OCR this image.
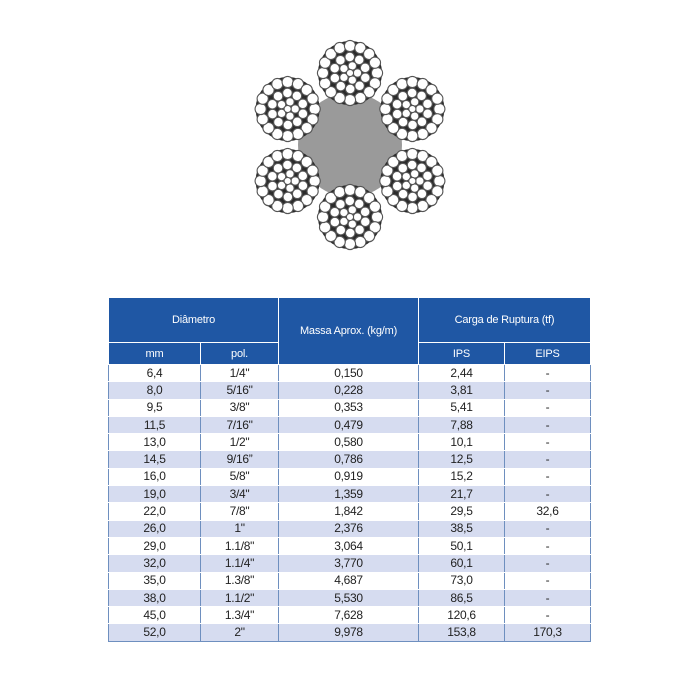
Diâmetro		Massa Aprox. (kg/m)	Carga de Ruptura (tf)	
mm	pol.		IPS	EIPS
6,4	1/4"	0,150	2,44	-
8,0	5/16"	0,228	3,81	-
9,5	3/8"	0,353	5,41	-
11,5	7/16"	0,479	7,88	-
13,0	1/2"	0,580	10,1	-
14,5	9/16”	0,786	12,5	-
16,0	5/8"	0,919	15,2	-
19,0	3/4"	1,359	21,7	-
22,0	7/8"	1,842	29,5	32,6
26,0	1"	2,376	38,5	-
29,0	1.1/8"	3,064	50,1	-
32,0	1.1/4"	3,770	60,1	-
35,0	1.3/8"	4,687	73,0	-
38,0	1.1/2"	5,530	86,5	-
45,0	1.3/4"	7,628	120,6	-
52,0	2"	9,978	153,8	170,3
